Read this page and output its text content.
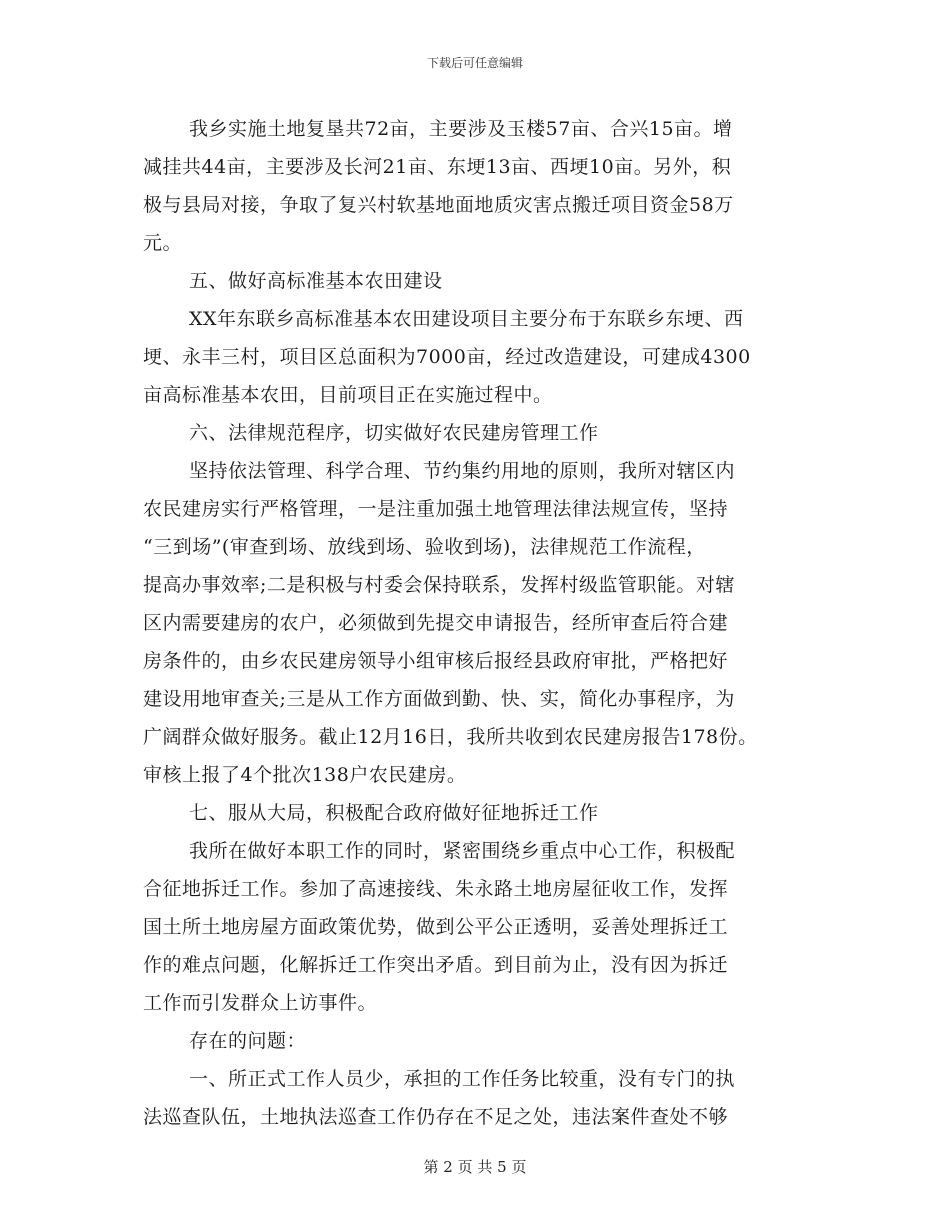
下载后可任意编辑
我乡实施土地复垦共72亩，主要涉及玉楼57亩、合兴15亩。增
减挂共44亩，主要涉及长河21亩、东埂13亩、西埂10亩。另外，积
极与县局对接，争取了复兴村软基地面地质灾害点搬迁项目资金58万
元。
五、做好高标准基本农田建设
XX年东联乡高标准基本农田建设项目主要分布于东联乡东埂、西
埂、永丰三村，项目区总面积为7000亩，经过改造建设，可建成4300
亩高标准基本农田，目前项目正在实施过程中。
六、法律规范程序，切实做好农民建房管理工作
坚持依法管理、科学合理、节约集约用地的原则，我所对辖区内
农民建房实行严格管理，一是注重加强土地管理法律法规宣传，坚持
“三到场”(审查到场、放线到场、验收到场)，法律规范工作流程，
提高办事效率;二是积极与村委会保持联系，发挥村级监管职能。对辖
区内需要建房的农户，必须做到先提交申请报告，经所审查后符合建
房条件的，由乡农民建房领导小组审核后报经县政府审批，严格把好
建设用地审查关;三是从工作方面做到勤、快、实，简化办事程序，为
广阔群众做好服务。截止12月16日，我所共收到农民建房报告178份。
审核上报了4个批次138户农民建房。
七、服从大局，积极配合政府做好征地拆迁工作
我所在做好本职工作的同时，紧密围绕乡重点中心工作，积极配
合征地拆迁工作。参加了高速接线、朱永路土地房屋征收工作，发挥
国土所土地房屋方面政策优势，做到公平公正透明，妥善处理拆迁工
作的难点问题，化解拆迁工作突出矛盾。到目前为止，没有因为拆迁
工作而引发群众上访事件。
存在的问题：
一、所正式工作人员少，承担的工作任务比较重，没有专门的执
法巡查队伍，土地执法巡查工作仍存在不足之处，违法案件查处不够
第 2 页 共 5 页
